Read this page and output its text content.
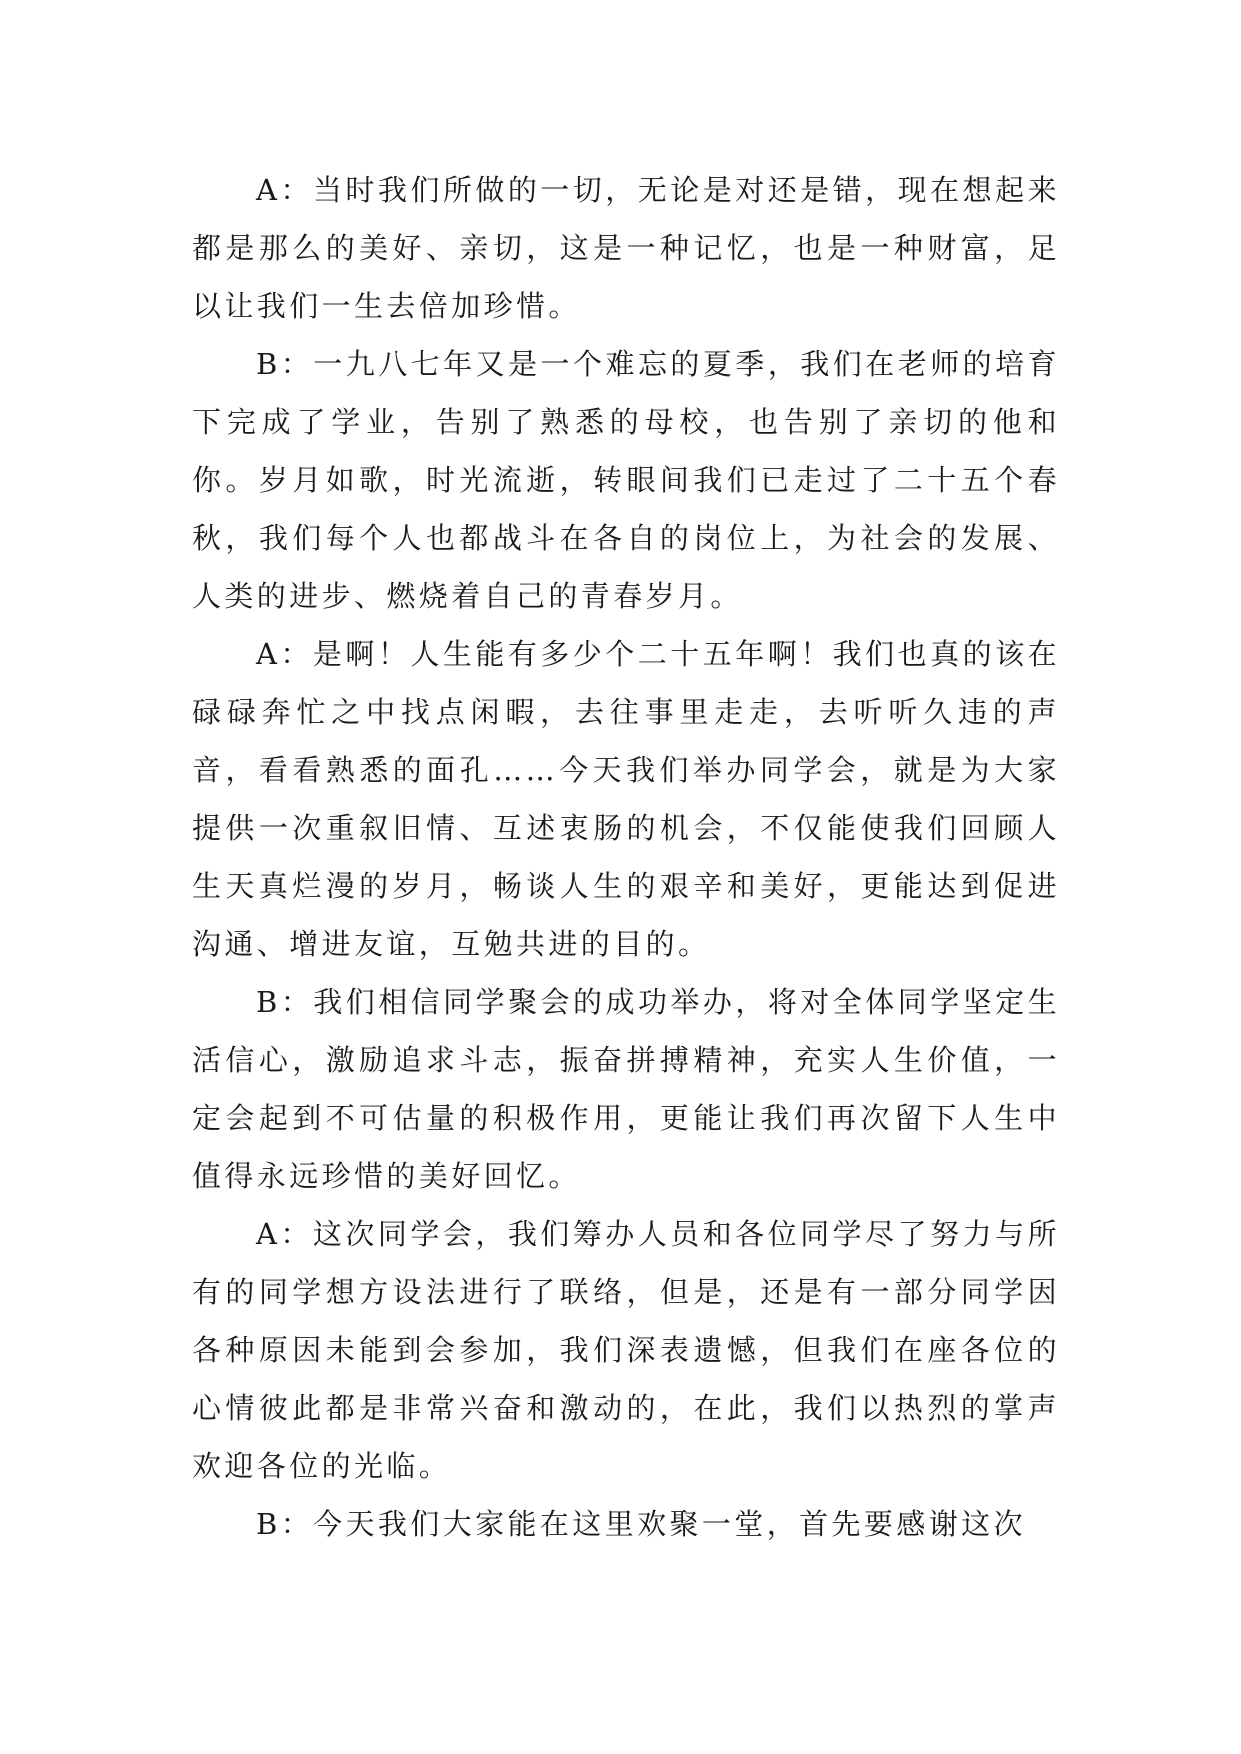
A：当时我们所做的一切，无论是对还是错，现在想起来都是那么的美好、亲切，这是一种记忆，也是一种财富，足以让我们一生去倍加珍惜。

B：一九八七年又是一个难忘的夏季，我们在老师的培育下完成了学业，告别了熟悉的母校，也告别了亲切的他和你。岁月如歌，时光流逝，转眼间我们已走过了二十五个春秋，我们每个人也都战斗在各自的岗位上，为社会的发展、人类的进步、燃烧着自己的青春岁月。

A：是啊！人生能有多少个二十五年啊！我们也真的该在碌碌奔忙之中找点闲暇，去往事里走走，去听听久违的声音，看看熟悉的面孔……今天我们举办同学会，就是为大家提供一次重叙旧情、互述衷肠的机会，不仅能使我们回顾人生天真烂漫的岁月，畅谈人生的艰辛和美好，更能达到促进沟通、增进友谊，互勉共进的目的。

B：我们相信同学聚会的成功举办，将对全体同学坚定生活信心，激励追求斗志，振奋拼搏精神，充实人生价值，一定会起到不可估量的积极作用，更能让我们再次留下人生中值得永远珍惜的美好回忆。

A：这次同学会，我们筹办人员和各位同学尽了努力与所有的同学想方设法进行了联络，但是，还是有一部分同学因各种原因未能到会参加，我们深表遗憾，但我们在座各位的心情彼此都是非常兴奋和激动的，在此，我们以热烈的掌声欢迎各位的光临。

B：今天我们大家能在这里欢聚一堂，首先要感谢这次
